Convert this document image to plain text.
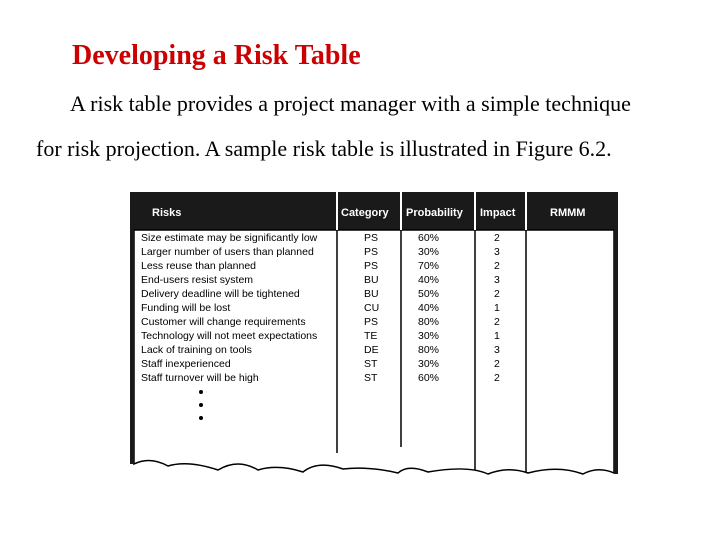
Developing a Risk Table
A risk table provides a project manager with a simple technique
for risk projection. A sample risk table is illustrated in Figure 6.2.
Risks	Category Probability Impact	RMMM
Size estimate may be significantly low	PS	60%	2
Larger number of users than planned	PS	30%	3
Less reuse than planned	PS	70%	2
End-users resist system	BU	40%	3
Delivery deadline will be tightened	BU	50%	2
Funding will be lost	CU	40%	1
Customer will change requirements	PS	80%	2
Technology will not meet expectations	TE	30%	1
Lack of training on tools	DE	80%	3
Staff inexperienced	ST	30%	2
Staff turnover will be high	ST	60%	2
